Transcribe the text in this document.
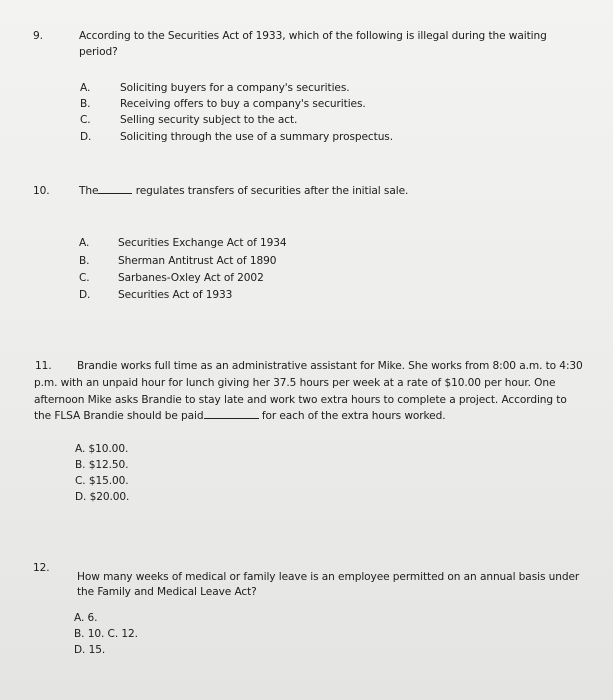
9.	According to the Securities Act of 1933, which of the following is illegal during the waiting
period?
A.	Soliciting buyers for a company's securities.
B.	Receiving offers to buy a company's securities.
C.	Selling security subject to the act.
D.	Soliciting through the use of a summary prospectus.
10.	The	regulates transfers of securities after the initial sale.
A.	Securities Exchange Act of 1934
B.	Sherman Antitrust Act of 1890
C.	Sarbanes-Oxley Act of 2002
D.	Securities Act of 1933
11. Brandie works full time as an administrative assistant for Mike. She works from 8:00 a.m. to 4:30
p.m. with an unpaid hour for lunch giving her 37.5 hours per week at a rate of $10.00 per hour. One
afternoon Mike asks Brandie to stay late and work two extra hours to complete a project. According to
the FLSA Brandie should be paid	for each of the extra hours worked.
A. $10.00.
B. $12.50.
C. $15.00.
D. $20.00.
12.
How many weeks of medical or family leave is an employee permitted on an annual basis under
the Family and Medical Leave Act?
A. 6.
B. 10. C. 12.
D. 15.
